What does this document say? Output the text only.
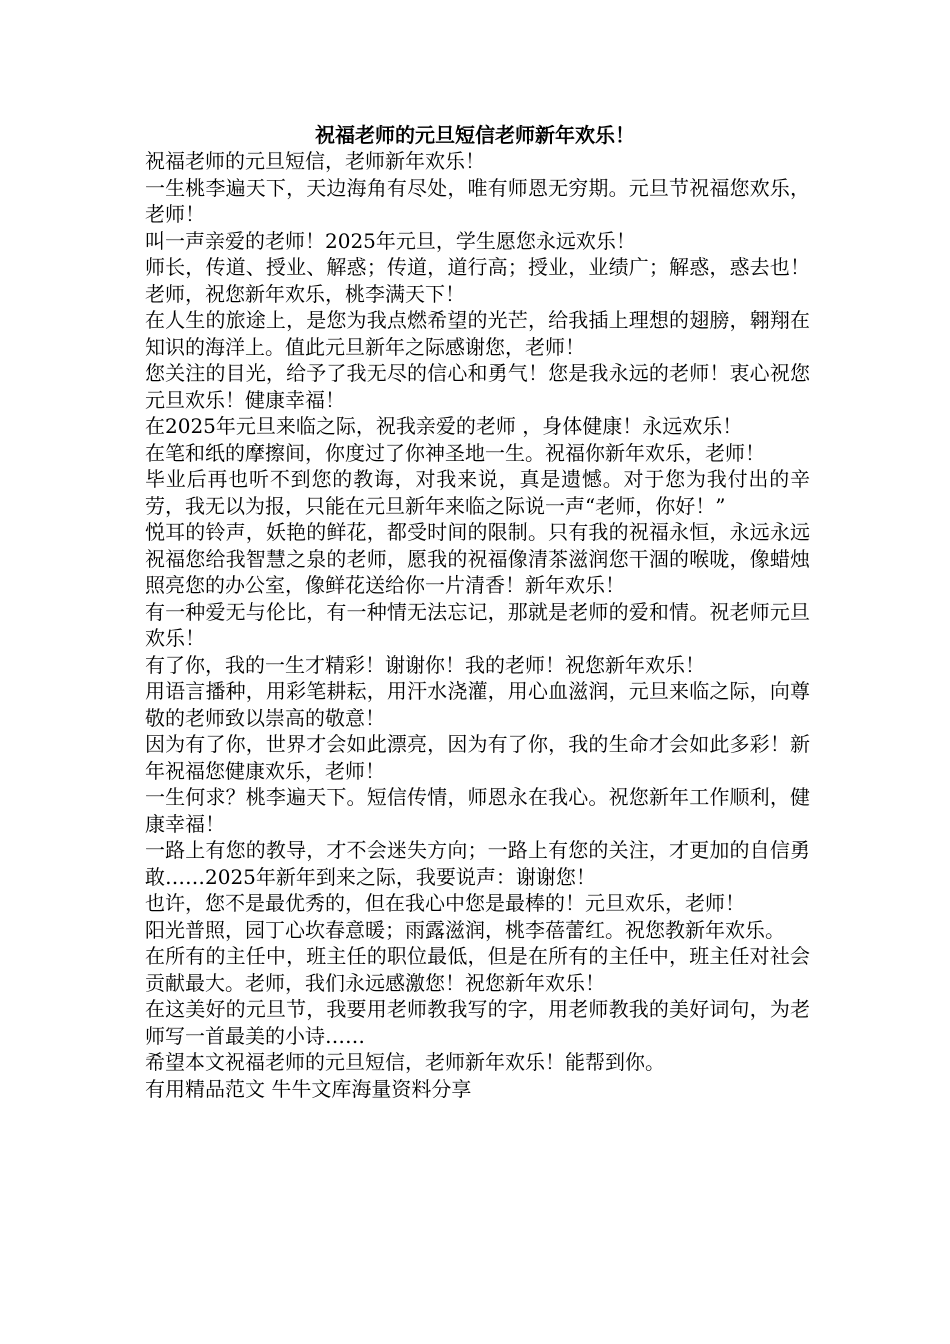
祝福老师的元旦短信老师新年欢乐！

祝福老师的元旦短信，老师新年欢乐！

一生桃李遍天下，天边海角有尽处，唯有师恩无穷期。元旦节祝福您欢乐，老师！

叫一声亲爱的老师！2025年元旦，学生愿您永远欢乐！

师长，传道、授业、解惑；传道，道行高；授业，业绩广；解惑，惑去也！老师，祝您新年欢乐，桃李满天下！

在人生的旅途上，是您为我点燃希望的光芒，给我插上理想的翅膀，翱翔在知识的海洋上。值此元旦新年之际感谢您，老师！

您关注的目光，给予了我无尽的信心和勇气！您是我永远的老师！衷心祝您元旦欢乐！健康幸福！

在2025年元旦来临之际，祝我亲爱的老师 ，身体健康！永远欢乐！

在笔和纸的摩擦间，你度过了你神圣地一生。祝福你新年欢乐，老师！

毕业后再也听不到您的教诲，对我来说，真是遗憾。对于您为我付出的辛劳，我无以为报，只能在元旦新年来临之际说一声“老师，你好！”

悦耳的铃声，妖艳的鲜花，都受时间的限制。只有我的祝福永恒，永远永远祝福您给我智慧之泉的老师，愿我的祝福像清茶滋润您干涸的喉咙，像蜡烛照亮您的办公室，像鲜花送给你一片清香！新年欢乐！

有一种爱无与伦比，有一种情无法忘记，那就是老师的爱和情。祝老师元旦欢乐！

有了你，我的一生才精彩！谢谢你！我的老师！祝您新年欢乐！

用语言播种，用彩笔耕耘，用汗水浇灌，用心血滋润，元旦来临之际，向尊敬的老师致以崇高的敬意！

因为有了你，世界才会如此漂亮，因为有了你，我的生命才会如此多彩！新年祝福您健康欢乐，老师！

一生何求？桃李遍天下。短信传情，师恩永在我心。祝您新年工作顺利，健康幸福！

一路上有您的教导，才不会迷失方向；一路上有您的关注，才更加的自信勇敢……2025年新年到来之际，我要说声：谢谢您！

也许，您不是最优秀的，但在我心中您是最棒的！元旦欢乐，老师！

阳光普照，园丁心坎春意暖；雨露滋润，桃李蓓蕾红。祝您教新年欢乐。

在所有的主任中，班主任的职位最低，但是在所有的主任中，班主任对社会贡献最大。老师，我们永远感激您！祝您新年欢乐！

在这美好的元旦节，我要用老师教我写的字，用老师教我的美好词句，为老师写一首最美的小诗……

希望本文祝福老师的元旦短信，老师新年欢乐！能帮到你。

有用精品范文 牛牛文库海量资料分享
